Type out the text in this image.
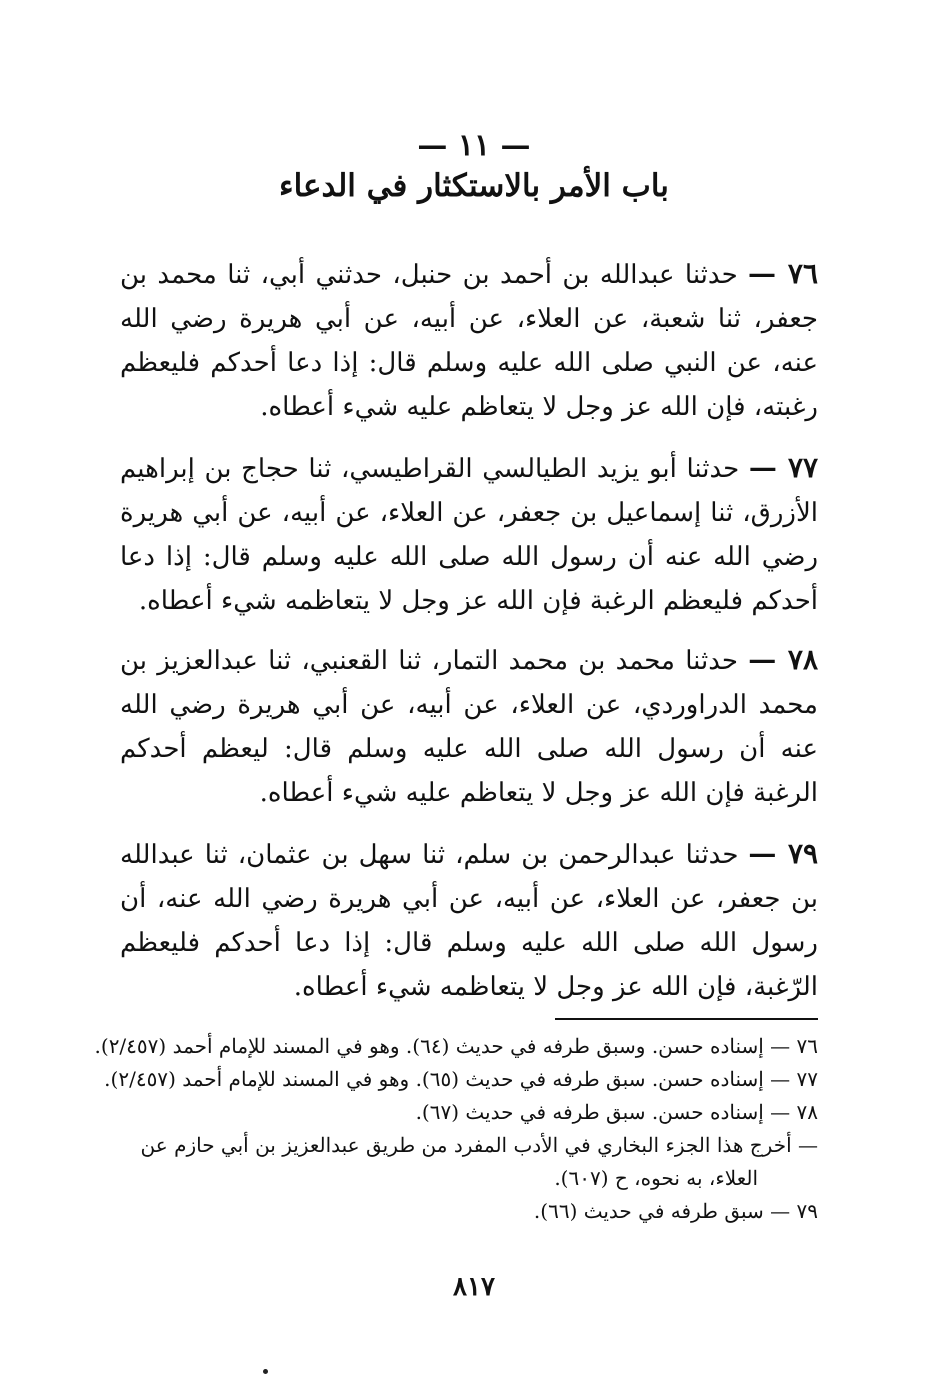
— ١١ —
باب الأمر بالاستكثار في الدعاء

٧٦ — حدثنا عبدالله بن أحمد بن حنبل، حدثني أبي، ثنا محمد بن جعفر، ثنا شعبة، عن العلاء، عن أبيه، عن أبي هريرة رضي الله عنه، عن النبي صلى الله عليه وسلم قال: إذا دعا أحدكم فليعظم رغبته، فإن الله عز وجل لا يتعاظم عليه شيء أعطاه.

٧٧ — حدثنا أبو يزيد الطيالسي القراطيسي، ثنا حجاج بن إبراهيم الأزرق، ثنا إسماعيل بن جعفر، عن العلاء، عن أبيه، عن أبي هريرة رضي الله عنه أن رسول الله صلى الله عليه وسلم قال: إذا دعا أحدكم فليعظم الرغبة فإن الله عز وجل لا يتعاظمه شيء أعطاه.

٧٨ — حدثنا محمد بن محمد التمار، ثنا القعنبي، ثنا عبدالعزيز بن محمد الدراوردي، عن العلاء، عن أبيه، عن أبي هريرة رضي الله عنه أن رسول الله صلى الله عليه وسلم قال: ليعظم أحدكم الرغبة فإن الله عز وجل لا يتعاظم عليه شيء أعطاه.

٧٩ — حدثنا عبدالرحمن بن سلم، ثنا سهل بن عثمان، ثنا عبدالله بن جعفر، عن العلاء، عن أبيه، عن أبي هريرة رضي الله عنه، أن رسول الله صلى الله عليه وسلم قال: إذا دعا أحدكم فليعظم الرّغبة، فإن الله عز وجل لا يتعاظمه شيء أعطاه.

٧٦ — إسناده حسن. وسبق طرفه في حديث (٦٤). وهو في المسند للإمام أحمد (٢/٤٥٧).
٧٧ — إسناده حسن. سبق طرفه في حديث (٦٥). وهو في المسند للإمام أحمد (٢/٤٥٧).
٧٨ — إسناده حسن. سبق طرفه في حديث (٦٧).
— أخرج هذا الجزء البخاري في الأدب المفرد من طريق عبدالعزيز بن أبي حازم عن
العلاء، به نحوه، ح (٦٠٧).
٧٩ — سبق طرفه في حديث (٦٦).
٨١٧
